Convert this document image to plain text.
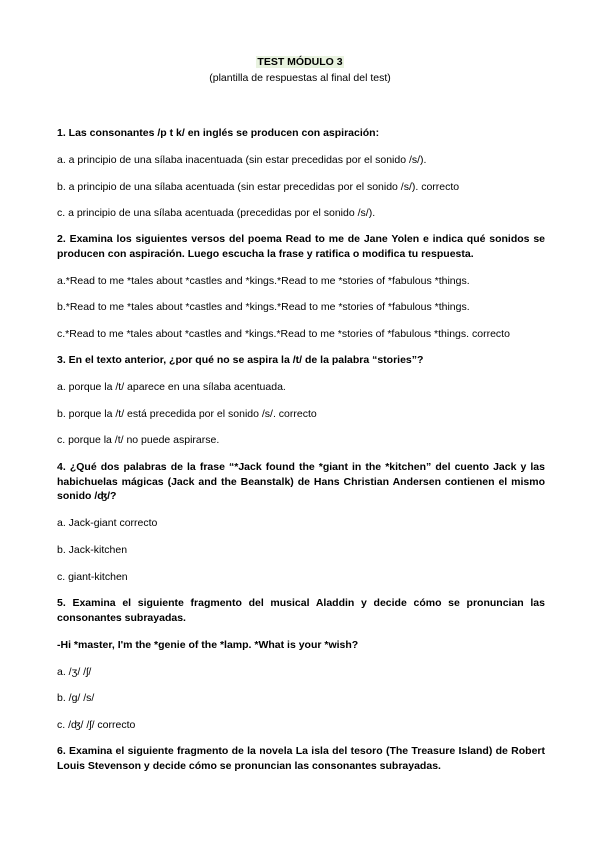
TEST MÓDULO 3
(plantilla de respuestas al final del test)
1. Las consonantes /p t k/ en inglés se producen con aspiración:
a. a principio de una sílaba inacentuada (sin estar precedidas por el sonido /s/).
b. a principio de una sílaba acentuada (sin estar precedidas por el sonido /s/). correcto
c. a principio de una sílaba acentuada (precedidas por el sonido /s/).
2. Examina los siguientes versos del poema Read to me de Jane Yolen e indica qué sonidos se producen con aspiración. Luego escucha la frase y ratifica o modifica tu respuesta.
a.*Read to me *tales about *castles and *kings.*Read to me *stories of *fabulous *things.
b.*Read to me *tales about *castles and *kings.*Read to me *stories of *fabulous *things.
c.*Read to me *tales about *castles and *kings.*Read to me *stories of *fabulous *things. correcto
3. En el texto anterior, ¿por qué no se aspira la /t/ de la palabra “stories”?
a. porque la /t/ aparece en una sílaba acentuada.
b. porque la /t/ está precedida por el sonido /s/. correcto
c. porque la /t/ no puede aspirarse.
4. ¿Qué dos palabras de la frase “*Jack found the *giant in the *kitchen” del cuento Jack y las habichuelas mágicas (Jack and the Beanstalk) de Hans Christian Andersen contienen el mismo sonido /ʤ/?
a. Jack-giant correcto
b. Jack-kitchen
c. giant-kitchen
5. Examina el siguiente fragmento del musical Aladdin y decide cómo se pronuncian las consonantes subrayadas.
-Hi *master, I'm the *genie of the *lamp. *What is your *wish?
a. /ʒ/ /ʃ/
b. /g/ /s/
c. /ʤ/ /ʃ/ correcto
6. Examina el siguiente fragmento de la novela La isla del tesoro (The Treasure Island) de Robert Louis Stevenson y decide cómo se pronuncian las consonantes subrayadas.
